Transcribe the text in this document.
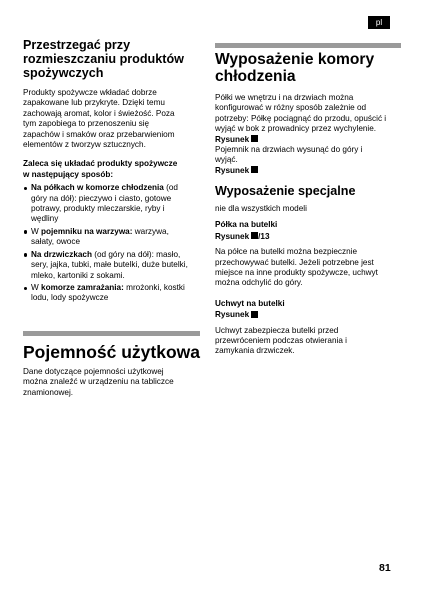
pl
Przestrzegać przy rozmieszczaniu produktów spożywczych

Produkty spożywcze wkładać dobrze zapakowane lub przykryte. Dzięki temu zachowają aromat, kolor i świeżość. Poza tym zapobiega to przenoszeniu się zapachów i smaków oraz przebarwieniom elementów z tworzyw sztucznych.

Zaleca się układać produkty spożywcze w następujący sposób:

Na półkach w komorze chłodzenia (od góry na dół): pieczywo i ciasto, gotowe potrawy, produkty mleczarskie, ryby i wędliny
W pojemniku na warzywa: warzywa, sałaty, owoce
Na drzwiczkach (od góry na dół): masło, sery, jajka, tubki, małe butelki, duże butelki, mleko, kartoniki z sokami.
W komorze zamrażania: mrożonki, kostki lodu, lody spożywcze
Pojemność użytkowa

Dane dotyczące pojemności użytkowej można znaleźć w urządzeniu na tabliczce znamionowej.

Wyposażenie komory chłodzenia

Półki we wnętrzu i na drzwiach można konfigurować w różny sposób zależnie od potrzeby: Półkę pociągnąć do przodu, opuścić i wyjąć w bok z prowadnicy przez wychylenie. Rysunek

Pojemnik na drzwiach wysunąć do góry i wyjąć.

Rysunek

Wyposażenie specjalne

nie dla wszystkich modeli

Półka na butelki

Rysunek /13

Na półce na butelki można bezpiecznie przechowywać butelki. Jeżeli potrzebne jest miejsce na inne produkty spożywcze, uchwyt można odchylić do góry.

Uchwyt na butelki

Rysunek

Uchwyt zabezpiecza butelki przed przewróceniem podczas otwierania i zamykania drzwiczek.

81
